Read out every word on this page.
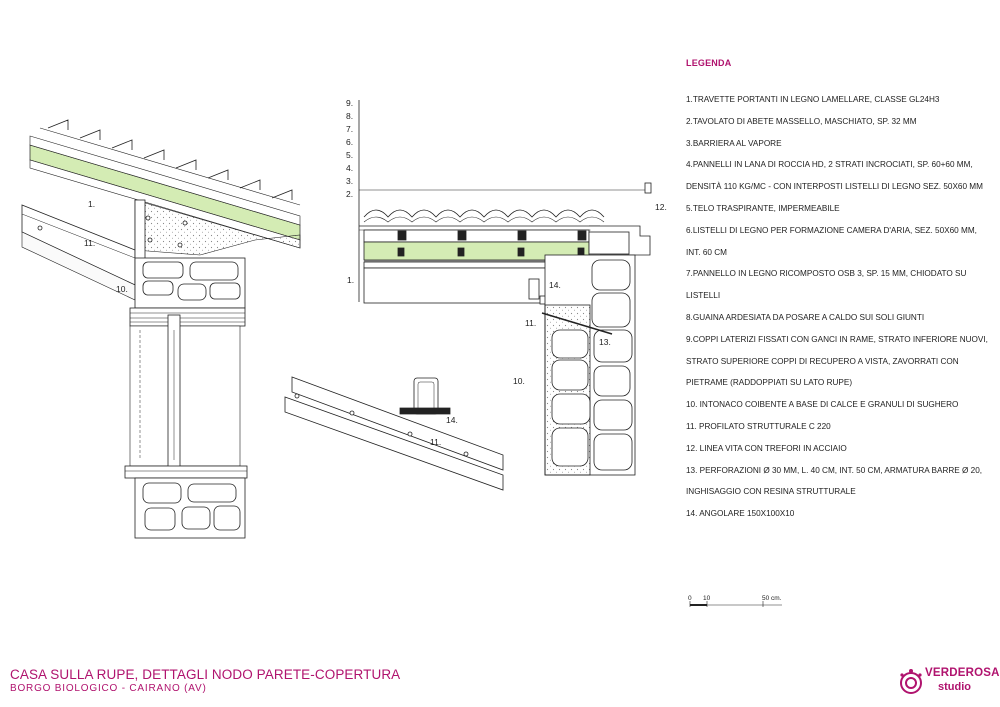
1.
11.
10.
9.
8.
7.
6.
5.
4.
3.
2.
1.
12.
14.
11.
13.
10.
14.
11.
0 10	50 cm.
LEGENDA
1.TRAVETTE PORTANTI IN LEGNO LAMELLARE, CLASSE GL24H3
2.TAVOLATO DI ABETE MASSELLO, MASCHIATO, SP. 32 MM
3.BARRIERA AL VAPORE
4.PANNELLI IN LANA DI ROCCIA HD, 2 STRATI INCROCIATI, SP. 60+60 MM,
DENSITÀ 110 KG/MC - CON INTERPOSTI LISTELLI DI LEGNO SEZ. 50X60 MM
5.TELO TRASPIRANTE, IMPERMEABILE
6.LISTELLI DI LEGNO PER FORMAZIONE CAMERA D'ARIA, SEZ. 50X60 MM,
INT. 60 CM
7.PANNELLO IN LEGNO RICOMPOSTO OSB 3, SP. 15 MM, CHIODATO SU
LISTELLI
8.GUAINA ARDESIATA DA POSARE A CALDO SUI SOLI GIUNTI
9.COPPI LATERIZI FISSATI CON GANCI IN RAME, STRATO INFERIORE NUOVI,
STRATO SUPERIORE COPPI DI RECUPERO A VISTA, ZAVORRATI CON
PIETRAME (RADDOPPIATI SU LATO RUPE)
10. INTONACO COIBENTE A BASE DI CALCE E GRANULI DI SUGHERO
11. PROFILATO STRUTTURALE C 220
12. LINEA VITA CON TREFORI IN ACCIAIO
13. PERFORAZIONI Ø 30 MM, L. 40 CM, INT. 50 CM, ARMATURA BARRE Ø 20,
INGHISAGGIO CON RESINA STRUTTURALE
14. ANGOLARE 150X100X10
CASA SULLA RUPE, DETTAGLI NODO PARETE-COPERTURA
BORGO BIOLOGICO - CAIRANO (AV)
VERDEROSA
studio
